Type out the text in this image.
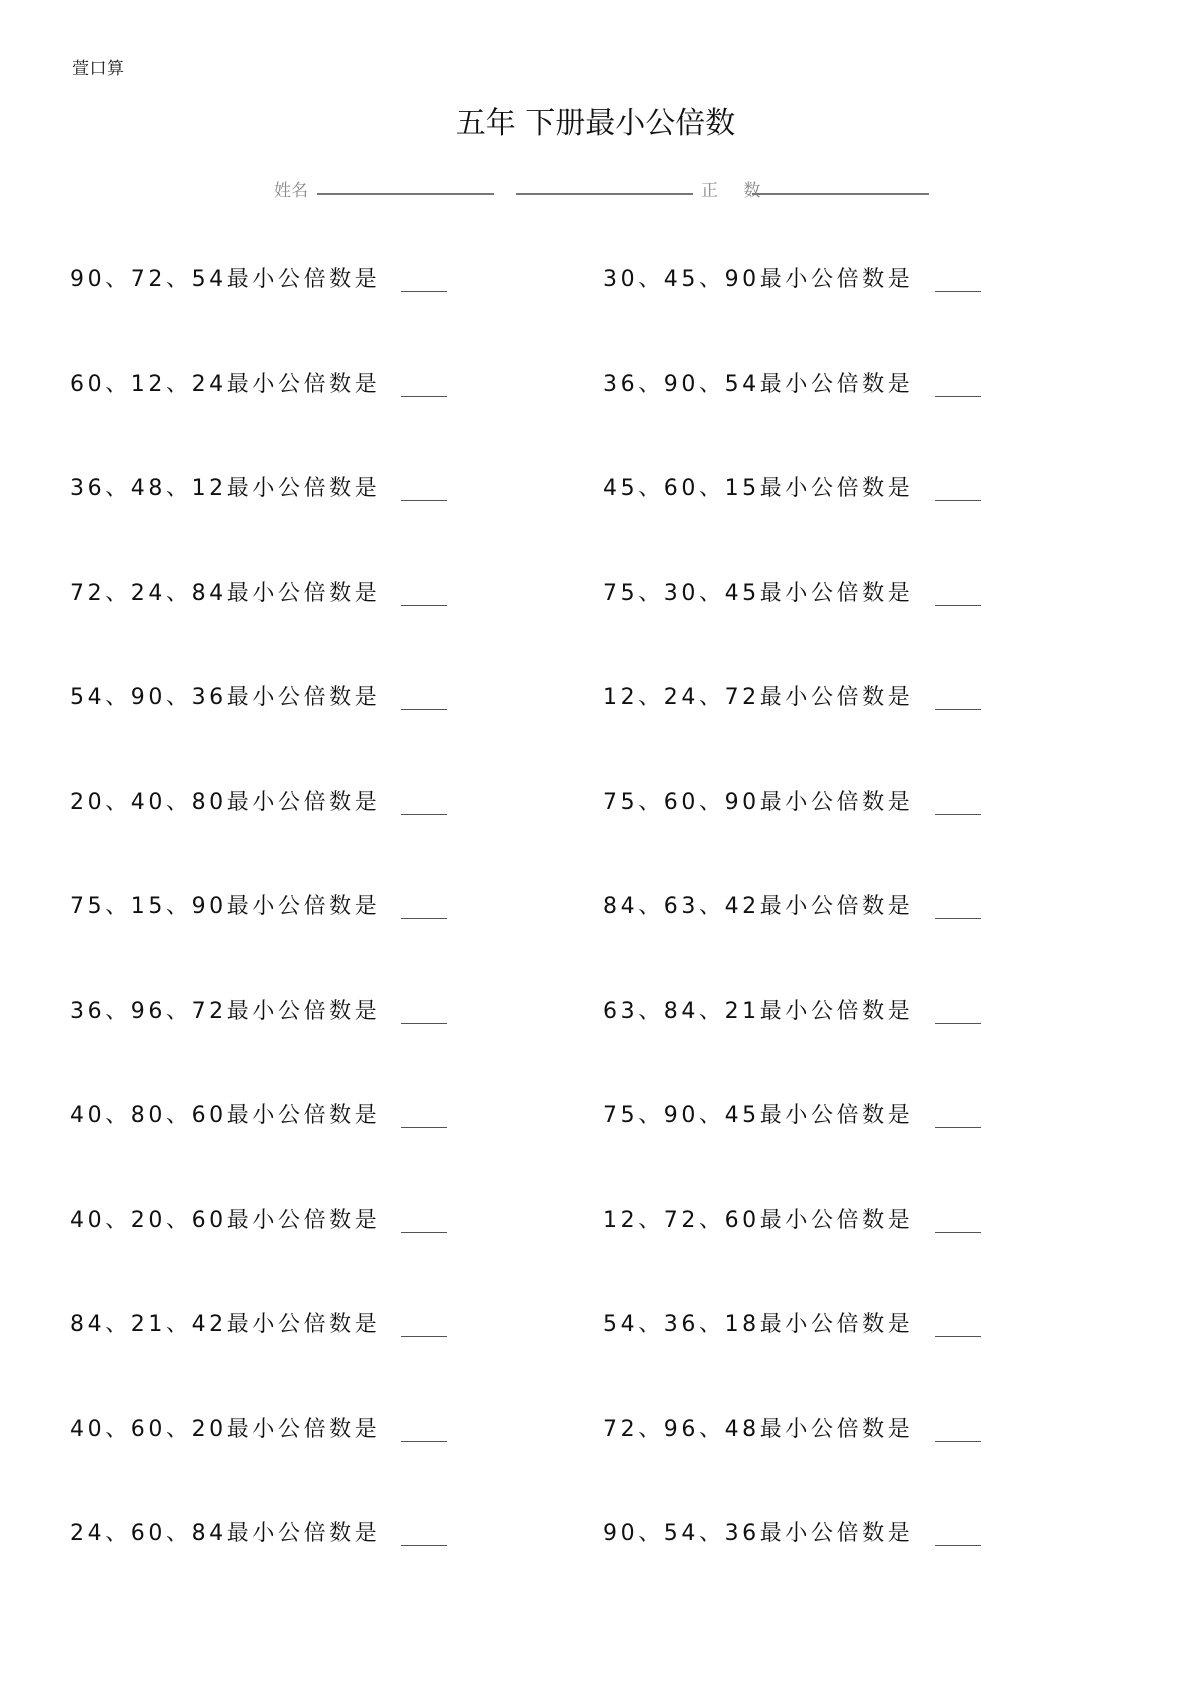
萱口算
五年 下册最小公倍数
姓名	正 数
90、72、54最小公倍数是	30、45、90最小公倍数是
60、12、24最小公倍数是	36、90、54最小公倍数是
36、48、12最小公倍数是	45、60、15最小公倍数是
72、24、84最小公倍数是	75、30、45最小公倍数是
54、90、36最小公倍数是	12、24、72最小公倍数是
20、40、80最小公倍数是	75、60、90最小公倍数是
75、15、90最小公倍数是	84、63、42最小公倍数是
36、96、72最小公倍数是	63、84、21最小公倍数是
40、80、60最小公倍数是	75、90、45最小公倍数是
40、20、60最小公倍数是	12、72、60最小公倍数是
84、21、42最小公倍数是	54、36、18最小公倍数是
40、60、20最小公倍数是	72、96、48最小公倍数是
24、60、84最小公倍数是	90、54、36最小公倍数是
